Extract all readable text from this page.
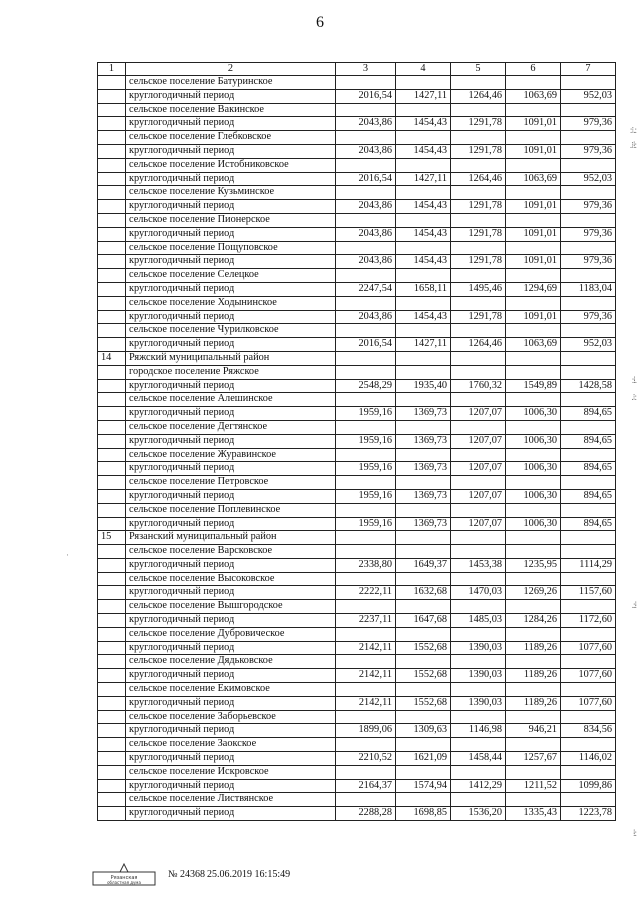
6
1	2	3	4	5	6	7
	сельское поселение Батуринское					
	круглогодичный период	2016,54	1427,11	1264,46	1063,69	952,03
	сельское поселение Вакинское					
	круглогодичный период	2043,86	1454,43	1291,78	1091,01	979,36
	сельское поселение Глебковское					
	круглогодичный период	2043,86	1454,43	1291,78	1091,01	979,36
	сельское поселение Истобниковское					
	круглогодичный период	2016,54	1427,11	1264,46	1063,69	952,03
	сельское поселение Кузьминское					
	круглогодичный период	2043,86	1454,43	1291,78	1091,01	979,36
	сельское поселение Пионерское					
	круглогодичный период	2043,86	1454,43	1291,78	1091,01	979,36
	сельское поселение Пощуповское					
	круглогодичный период	2043,86	1454,43	1291,78	1091,01	979,36
	сельское поселение Селецкое					
	круглогодичный период	2247,54	1658,11	1495,46	1294,69	1183,04
	сельское поселение Ходынинское					
	круглогодичный период	2043,86	1454,43	1291,78	1091,01	979,36
	сельское поселение Чурилковское					
	круглогодичный период	2016,54	1427,11	1264,46	1063,69	952,03
14	Ряжский муниципальный район					
	городское поселение Ряжское					
	круглогодичный период	2548,29	1935,40	1760,32	1549,89	1428,58
	сельское поселение Алешинское					
	круглогодичный период	1959,16	1369,73	1207,07	1006,30	894,65
	сельское поселение Дегтянское					
	круглогодичный период	1959,16	1369,73	1207,07	1006,30	894,65
	сельское поселение Журавинское					
	круглогодичный период	1959,16	1369,73	1207,07	1006,30	894,65
	сельское поселение Петровское					
	круглогодичный период	1959,16	1369,73	1207,07	1006,30	894,65
	сельское поселение Поплевинское					
	круглогодичный период	1959,16	1369,73	1207,07	1006,30	894,65
15	Рязанский муниципальный район					
	сельское поселение Варсковское					
	круглогодичный период	2338,80	1649,37	1453,38	1235,95	1114,29
	сельское поселение Высоковское					
	круглогодичный период	2222,11	1632,68	1470,03	1269,26	1157,60
	сельское поселение Вышгородское					
	круглогодичный период	2237,11	1647,68	1485,03	1284,26	1172,60
	сельское поселение Дубровическое					
	круглогодичный период	2142,11	1552,68	1390,03	1189,26	1077,60
	сельское поселение Дядьковское					
	круглогодичный период	2142,11	1552,68	1390,03	1189,26	1077,60
	сельское поселение Екимовское					
	круглогодичный период	2142,11	1552,68	1390,03	1189,26	1077,60
	сельское поселение Заборьевское					
	круглогодичный период	1899,06	1309,63	1146,98	946,21	834,56
	сельское поселение Заокское					
	круглогодичный период	2210,52	1621,09	1458,44	1257,67	1146,02
	сельское поселение Искровское					
	круглогодичный период	2164,37	1574,94	1412,29	1211,52	1099,86
	сельское поселение Листвянское					
	круглогодичный период	2288,28	1698,85	1536,20	1335,43	1223,78
:⁝.:
.⁝⁞:
:⁞.
.⁝:
.:⁞
⁞:
·
Рязанская
областная дума
№ 24368 25.06.2019 16:15:49
